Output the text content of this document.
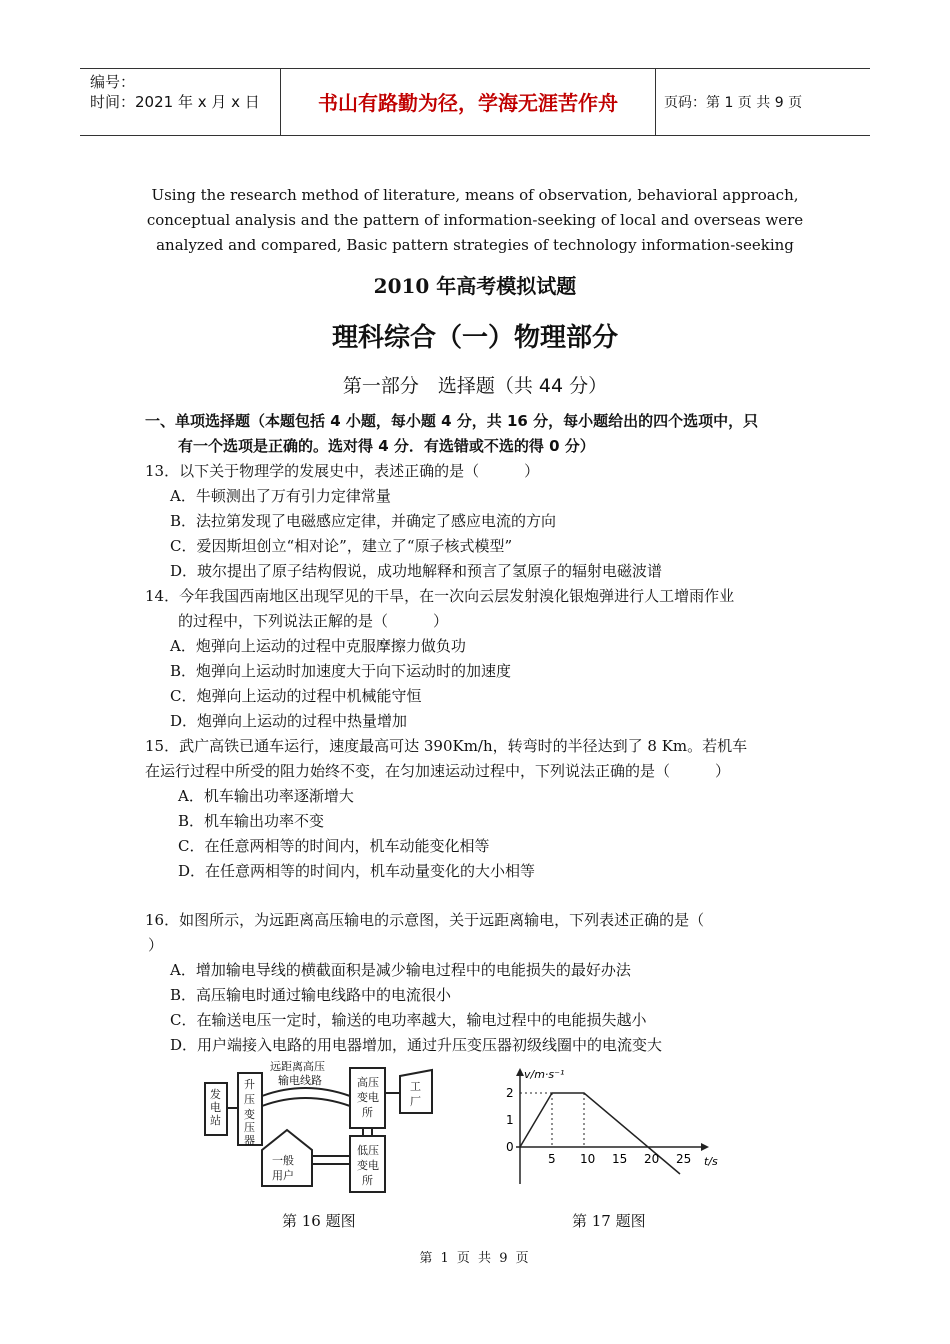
编号：
时间：2021 年 x 月 x 日	书山有路勤为径，学海无涯苦作舟	页码：第 1 页 共 9 页
Using the research method of literature, means of observation, behavioral approach, conceptual analysis and the pattern of information-seeking of local and overseas were analyzed and compared, Basic pattern strategies of technology information-seeking
2010 年高考模拟试题
理科综合（一）物理部分
第一部分　选择题（共 44 分）
一、单项选择题（本题包括 4 小题，每小题 4 分，共 16 分，每小题给出的四个选项中，只
有一个选项是正确的。选对得 4 分．有选错或不选的得 0 分）
13．以下关于物理学的发展史中，表述正确的是（　　　）
A．牛顿测出了万有引力定律常量
B．法拉第发现了电磁感应定律，并确定了感应电流的方向
C．爱因斯坦创立“相对论”，建立了“原子核式模型”
D．玻尔提出了原子结构假说，成功地解释和预言了氢原子的辐射电磁波谱
14．今年我国西南地区出现罕见的干旱，在一次向云层发射溴化银炮弹进行人工增雨作业
的过程中，下列说法正解的是（　　　）
A．炮弹向上运动的过程中克服摩擦力做负功
B．炮弹向上运动时加速度大于向下运动时的加速度
C．炮弹向上运动的过程中机械能守恒
D．炮弹向上运动的过程中热量增加
15．武广高铁已通车运行，速度最高可达 390Km/h，转弯时的半径达到了 8 Km。若机车
在运行过程中所受的阻力始终不变，在匀加速运动过程中，下列说法正确的是（　　　）
A．机车输出功率逐渐增大
B．机车输出功率不变
C．在任意两相等的时间内，机车动能变化相等
D．在任意两相等的时间内，机车动量变化的大小相等
16．如图所示，为远距离高压输电的示意图，关于远距离输电，下列表述正确的是（
）
A．增加输电导线的横截面积是减少输电过程中的电能损失的最好办法
B．高压输电时通过输电线路中的电流很小
C．在输送电压一定时，输送的电功率越大，输电过程中的电能损失越小
D．用户端接入电路的用电器增加，通过升压变压器初级线圈中的电流变大
发
电
站
升
压
变
压
器
远距离高压
输电线路	高压
变电
所
工
厂
一般
用户
低压
变电
所
第 16 题图
v/m·s⁻¹
t/s
2
1
0
5 10 15 20 25
第 17 题图
第 1 页 共 9 页
